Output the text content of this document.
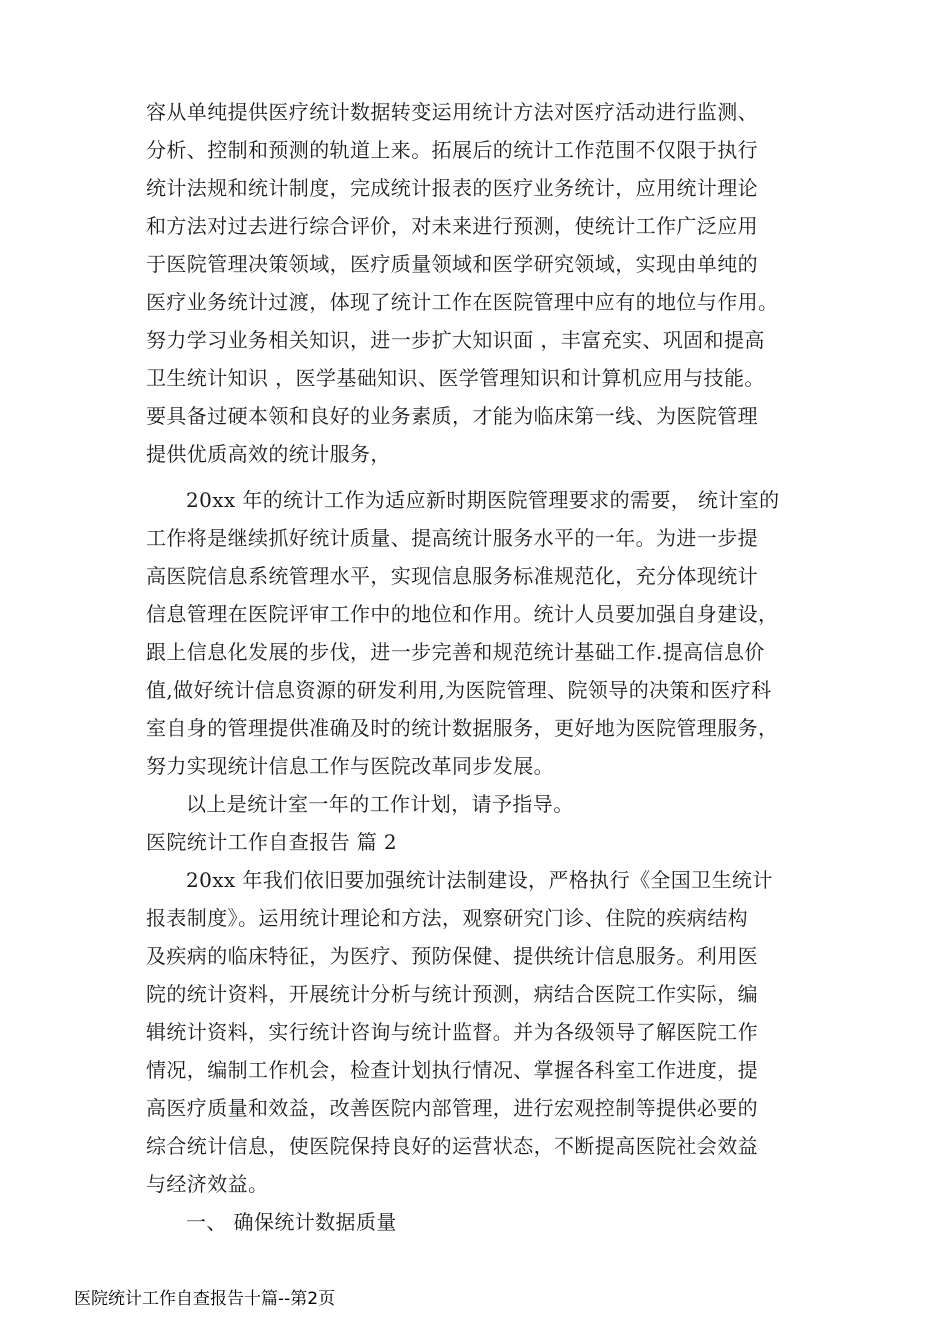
容从单纯提供医疗统计数据转变运用统计方法对医疗活动进行监测、
分析、控制和预测的轨道上来。拓展后的统计工作范围不仅限于执行
统计法规和统计制度，完成统计报表的医疗业务统计，应用统计理论
和方法对过去进行综合评价，对未来进行预测，使统计工作广泛应用
于医院管理决策领域，医疗质量领域和医学研究领域，实现由单纯的
医疗业务统计过渡，体现了统计工作在医院管理中应有的地位与作用。
努力学习业务相关知识，进一步扩大知识面 ，丰富充实、巩固和提高
卫生统计知识 ，医学基础知识、医学管理知识和计算机应用与技能。
要具备过硬本领和良好的业务素质，才能为临床第一线、为医院管理
提供优质高效的统计服务，
20xx 年的统计工作为适应新时期医院管理要求的需要， 统计室的
工作将是继续抓好统计质量、提高统计服务水平的一年。为进一步提
高医院信息系统管理水平，实现信息服务标准规范化，充分体现统计
信息管理在医院评审工作中的地位和作用。统计人员要加强自身建设，
跟上信息化发展的步伐，进一步完善和规范统计基础工作.提高信息价
值,做好统计信息资源的研发利用,为医院管理、院领导的决策和医疗科
室自身的管理提供准确及时的统计数据服务，更好地为医院管理服务，
努力实现统计信息工作与医院改革同步发展。
以上是统计室一年的工作计划，请予指导。
医院统计工作自查报告 篇 2
20xx 年我们依旧要加强统计法制建设，严格执行《全国卫生统计
报表制度》。运用统计理论和方法，观察研究门诊、住院的疾病结构
及疾病的临床特征，为医疗、预防保健、提供统计信息服务。利用医
院的统计资料，开展统计分析与统计预测，病结合医院工作实际，编
辑统计资料，实行统计咨询与统计监督。并为各级领导了解医院工作
情况，编制工作机会，检查计划执行情况、掌握各科室工作进度，提
高医疗质量和效益，改善医院内部管理，进行宏观控制等提供必要的
综合统计信息，使医院保持良好的运营状态，不断提高医院社会效益
与经济效益。
一、 确保统计数据质量
医院统计工作自查报告十篇--第2页
